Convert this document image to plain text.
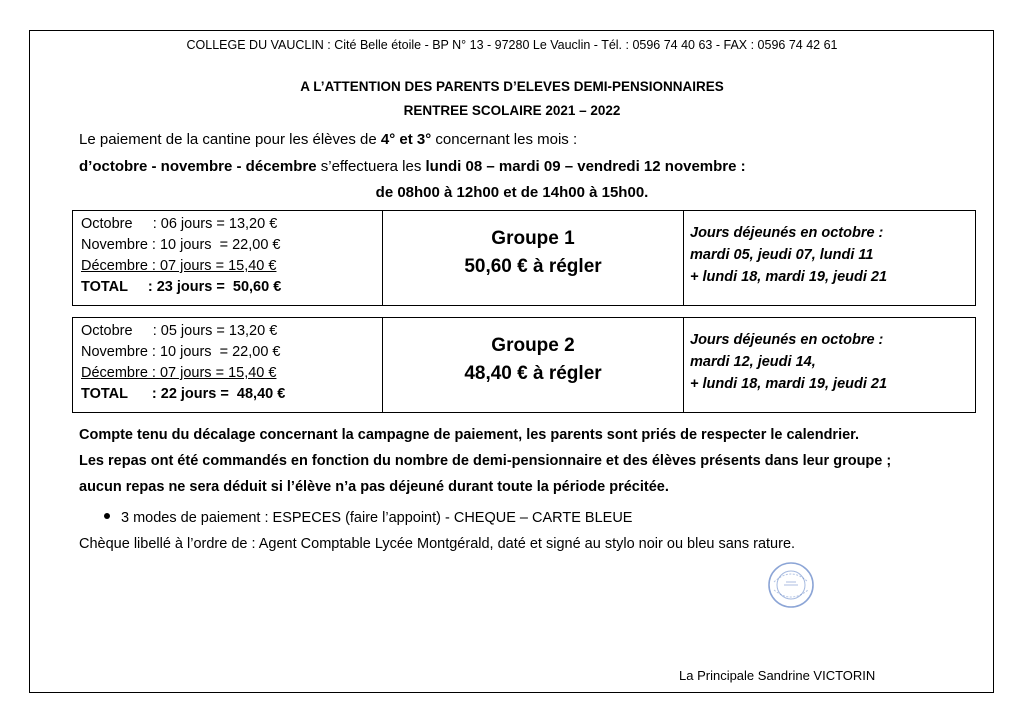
COLLEGE DU VAUCLIN : Cité Belle étoile - BP N° 13 - 97280 Le Vauclin - Tél. : 0596 74 40 63 - FAX : 0596 74 42 61
A L’ATTENTION DES PARENTS D’ELEVES DEMI-PENSIONNAIRES
RENTREE SCOLAIRE 2021 – 2022
Le paiement de la cantine pour les élèves de 4° et 3° concernant les mois :
d’octobre - novembre - décembre s’effectuera les lundi 08 – mardi 09 – vendredi 12 novembre :
de 08h00 à 12h00 et de 14h00 à 15h00.
Octobre     : 06 jours = 13,20 €
Novembre : 10 jours  = 22,00 €
Décembre : 07 jours = 15,40 €
TOTAL     : 23 jours =  50,60 €

Groupe 1
50,60 € à régler

Jours déjeunés en octobre :
mardi 05, jeudi 07, lundi 11
+ lundi 18, mardi 19, jeudi 21
Octobre     : 05 jours = 13,20 €
Novembre : 10 jours  = 22,00 €
Décembre : 07 jours = 15,40 €
TOTAL      : 22 jours =  48,40 €

Groupe 2
48,40 € à régler

Jours déjeunés en octobre :
mardi 12, jeudi 14,
+ lundi 18, mardi 19, jeudi 21
Compte tenu du décalage concernant la campagne de paiement, les parents sont priés de respecter le calendrier.
Les repas ont été commandés en fonction du nombre de demi-pensionnaire et des élèves présents dans leur groupe ;
aucun repas ne sera déduit si l’élève n’a pas déjeuné durant toute la période précitée.
3 modes de paiement : ESPECES (faire l’appoint) - CHEQUE – CARTE BLEUE
Chèque libellé à l’ordre de : Agent Comptable Lycée Montgérald, daté et signé au stylo noir ou bleu sans rature.
La Principale Sandrine VICTORIN
